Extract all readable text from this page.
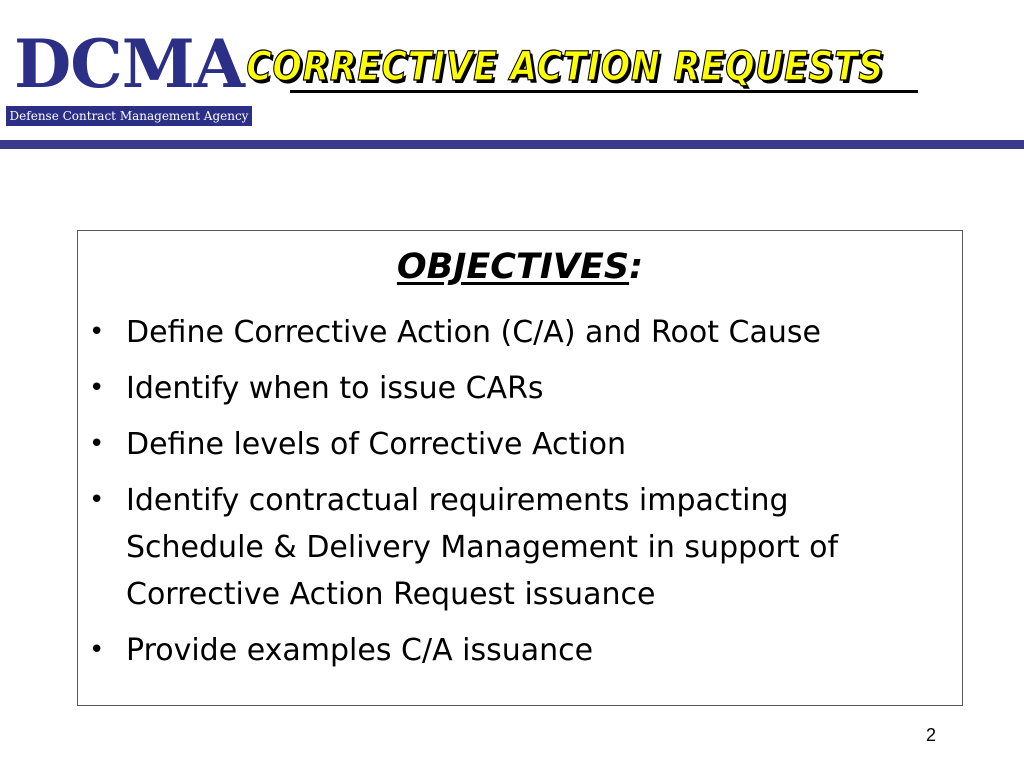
DCMA
Defense Contract Management Agency
CORRECTIVE ACTION REQUESTS
OBJECTIVES:
• Define Corrective Action (C/A) and Root Cause
• Identify when to issue CARs
• Define levels of Corrective Action
• Identify contractual requirements impacting
Schedule & Delivery Management in support of
Corrective Action Request issuance
• Provide examples C/A issuance
2
